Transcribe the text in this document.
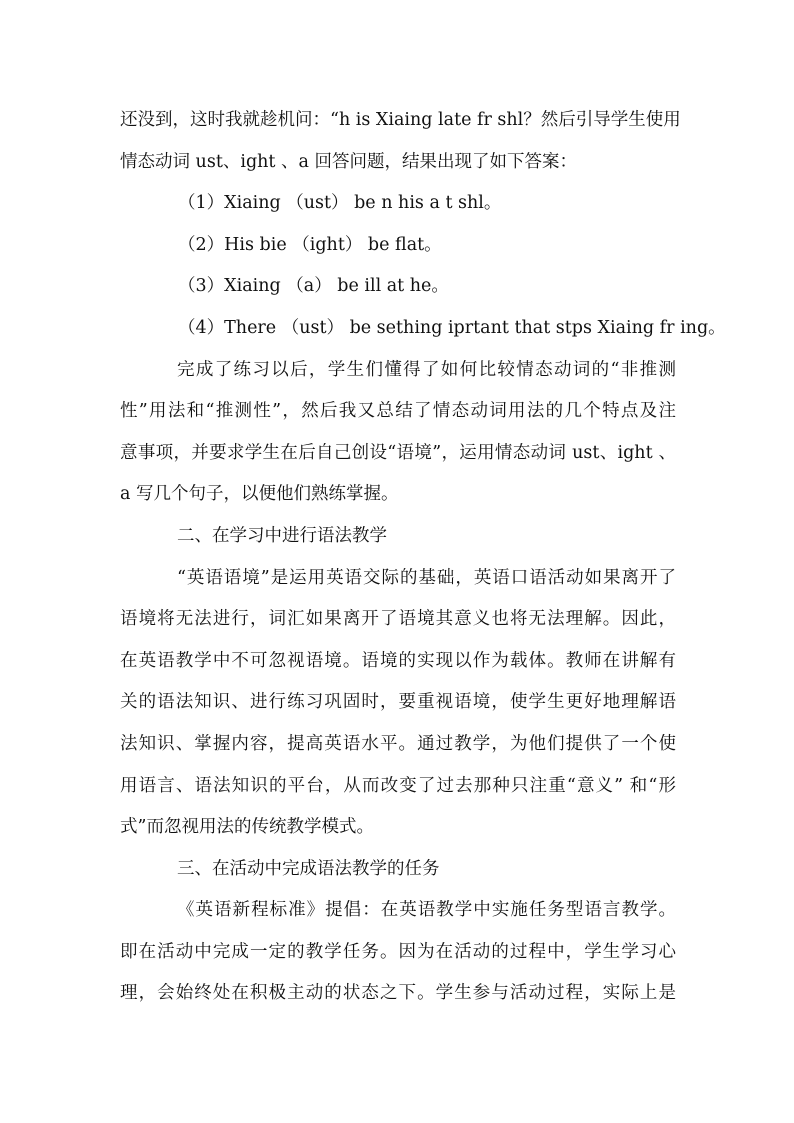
还没到，这时我就趁机问：“h is Xiaing late fr shl？然后引导学生使用
情态动词 ust、ight 、a 回答问题，结果出现了如下答案：
（1）Xiaing （ust） be n his a t shl。
（2）His bie （ight） be flat。
（3）Xiaing （a） be ill at he。
（4）There （ust） be sething iprtant that stps Xiaing fr ing。
完成了练习以后，学生们懂得了如何比较情态动词的“非推测
性”用法和“推测性”，然后我又总结了情态动词用法的几个特点及注
意事项，并要求学生在后自己创设“语境”，运用情态动词 ust、ight 、
a 写几个句子，以便他们熟练掌握。
二、在学习中进行语法教学
“英语语境”是运用英语交际的基础，英语口语活动如果离开了
语境将无法进行，词汇如果离开了语境其意义也将无法理解。因此，
在英语教学中不可忽视语境。语境的实现以作为载体。教师在讲解有
关的语法知识、进行练习巩固时，要重视语境，使学生更好地理解语
法知识、掌握内容，提高英语水平。通过教学，为他们提供了一个使
用语言、语法知识的平台，从而改变了过去那种只注重“意义” 和“形
式”而忽视用法的传统教学模式。
三、在活动中完成语法教学的任务
《英语新程标准》提倡：在英语教学中实施任务型语言教学。
即在活动中完成一定的教学任务。因为在活动的过程中，学生学习心
理，会始终处在积极主动的状态之下。学生参与活动过程，实际上是
